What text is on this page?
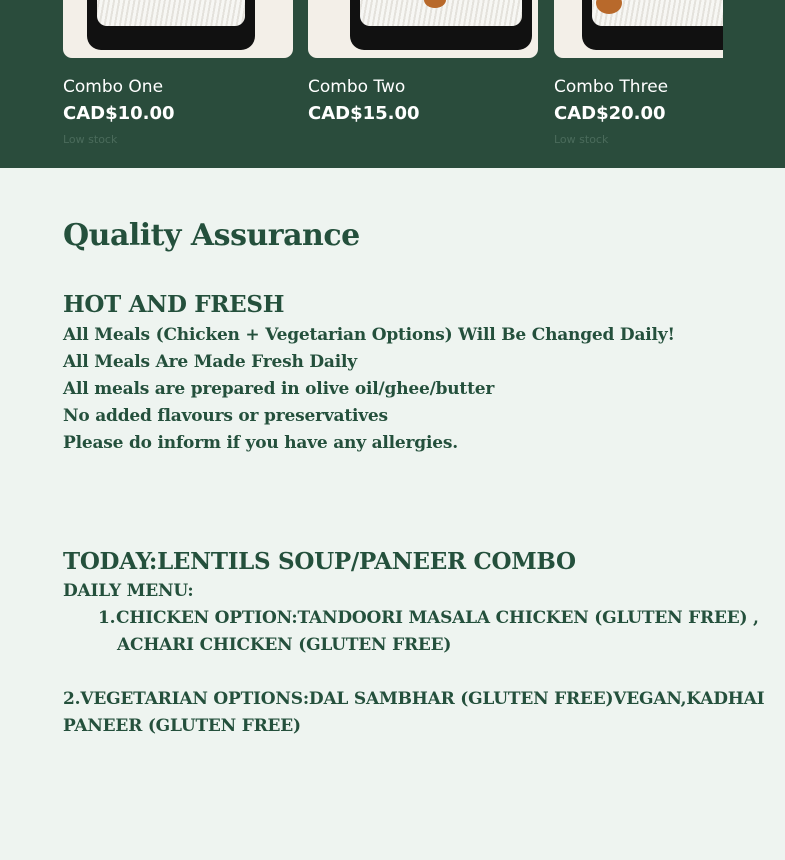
Combo One
CAD$10.00
Low stock
Combo Two
CAD$15.00
Combo Three
CAD$20.00
Low stock
Quality Assurance
HOT AND FRESH
All Meals (Chicken + Vegetarian Options) Will Be Changed Daily!
All Meals Are Made Fresh Daily
All meals are prepared in olive oil/ghee/butter
No added flavours or preservatives
Please do inform if you have any allergies.
TODAY:LENTILS SOUP/PANEER COMBO
DAILY MENU:
1. CHICKEN OPTION:TANDOORI MASALA CHICKEN (GLUTEN FREE) ,
ACHARI CHICKEN (GLUTEN FREE)
2.VEGETARIAN OPTIONS:DAL SAMBHAR (GLUTEN FREE)VEGAN,KADHAI
PANEER (GLUTEN FREE)
